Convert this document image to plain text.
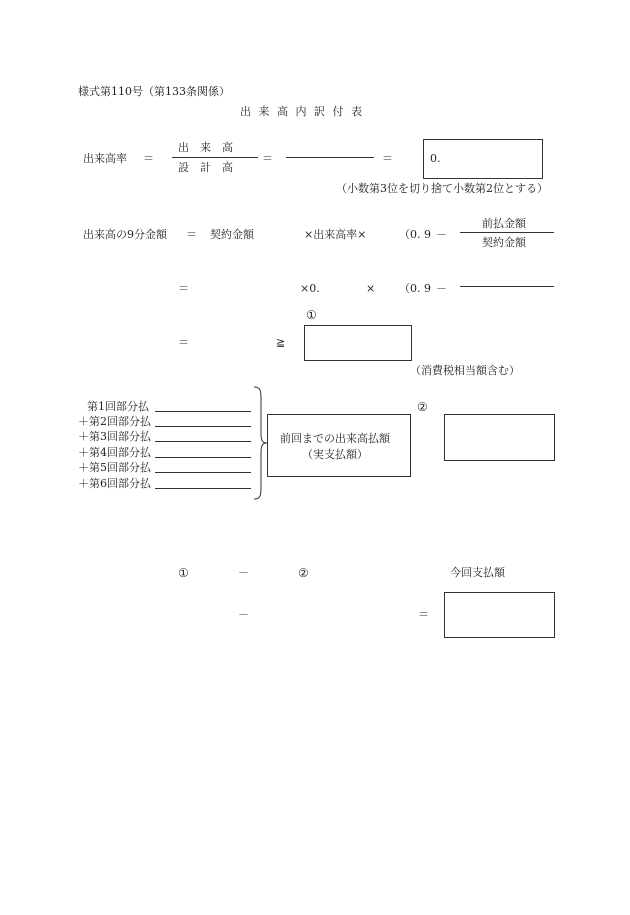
様式第110号（第133条関係）
出 来 高 内 訳 付 表
出来高率 ＝
出　来　高
設　計　高
＝	＝	0.
（小数第3位を切り捨て小数第2位とする）
出来高の9分金額 ＝ 契約金額	×出来高率×	（0. 9 －
前払金額
契約金額
＝	×0.	× （0. 9 －
①
＝	≧
（消費税相当額含む）
第1回部分払
＋第2回部分払
＋第3回部分払
＋第4回部分払
＋第5回部分払
＋第6回部分払
前回までの出来高払額
（実支払額）
②
①	－	②	今回支払額
－	＝
